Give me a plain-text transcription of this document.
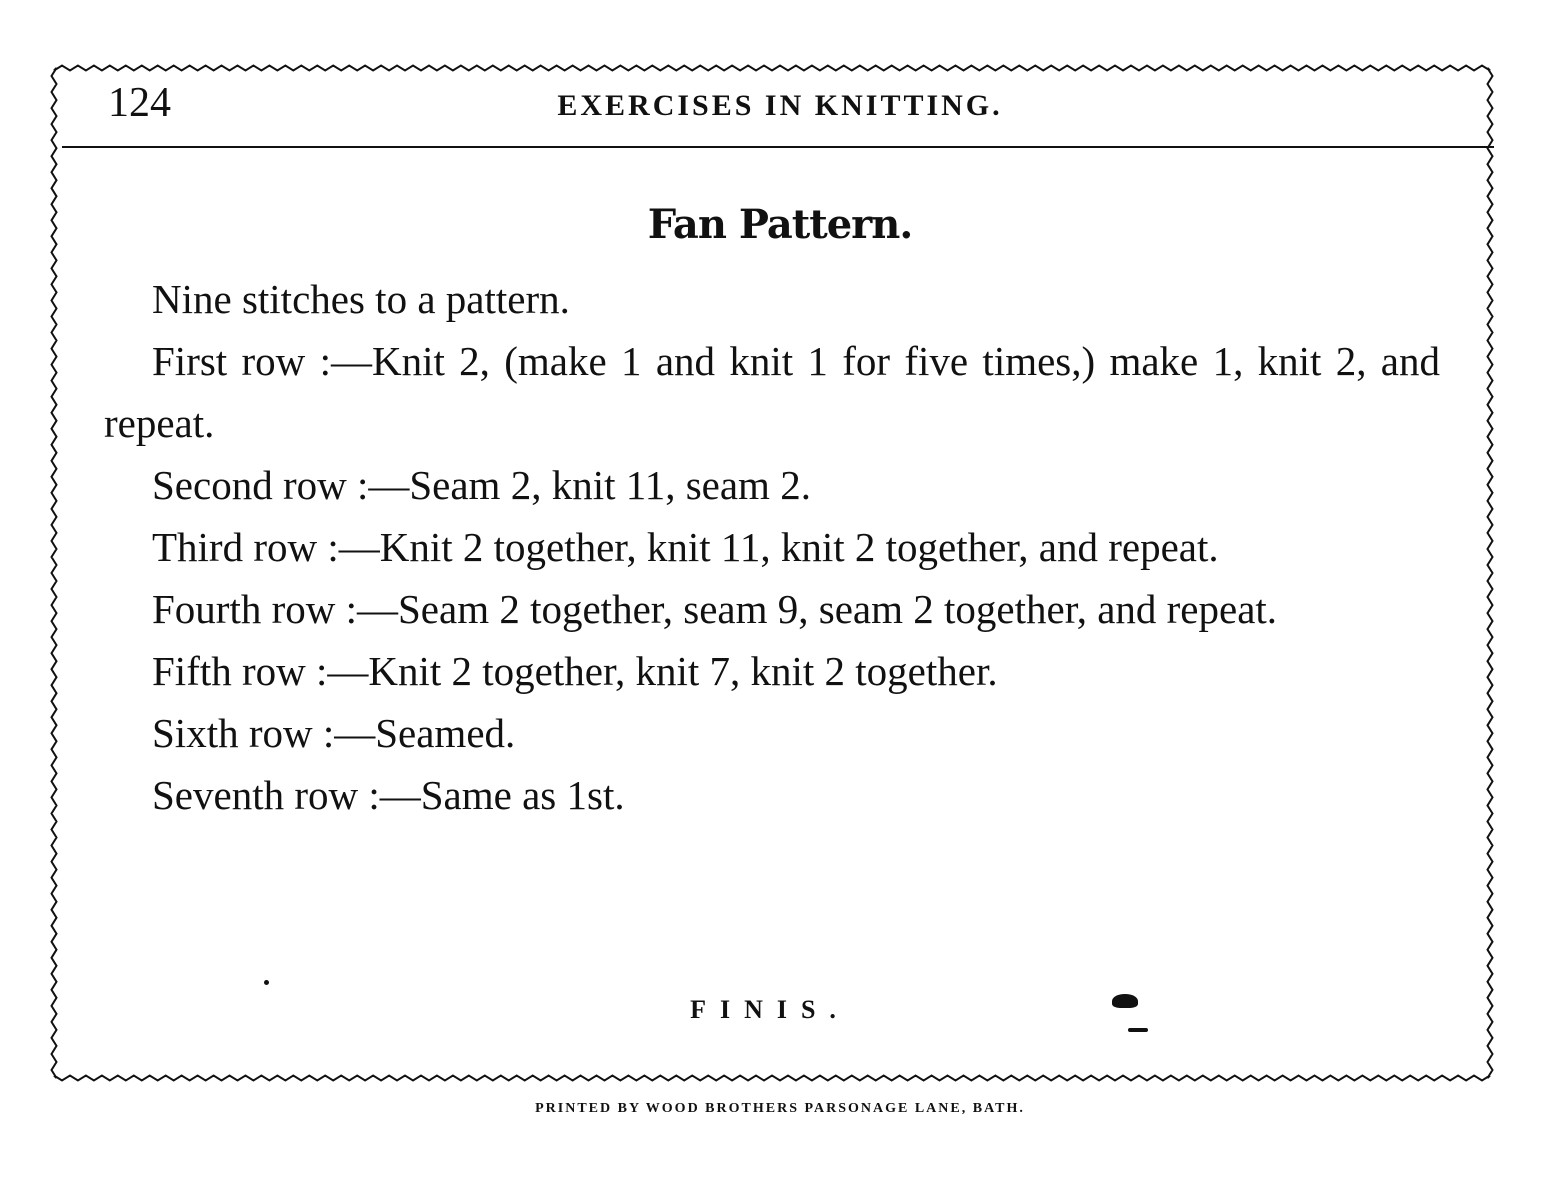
124	EXERCISES IN KNITTING.
Fan Pattern.

Nine stitches to a pattern.

First row :—Knit 2, (make 1 and knit 1 for five times,) make 1, knit 2, and repeat.

Second row :—Seam 2, knit 11, seam 2.

Third row :—Knit 2 together, knit 11, knit 2 together, and repeat.

Fourth row :—Seam 2 together, seam 9, seam 2 together, and repeat.

Fifth row :—Knit 2 together, knit 7, knit 2 together.

Sixth row :—Seamed.

Seventh row :—Same as 1st.

FINIS.
PRINTED BY WOOD BROTHERS PARSONAGE LANE, BATH.
